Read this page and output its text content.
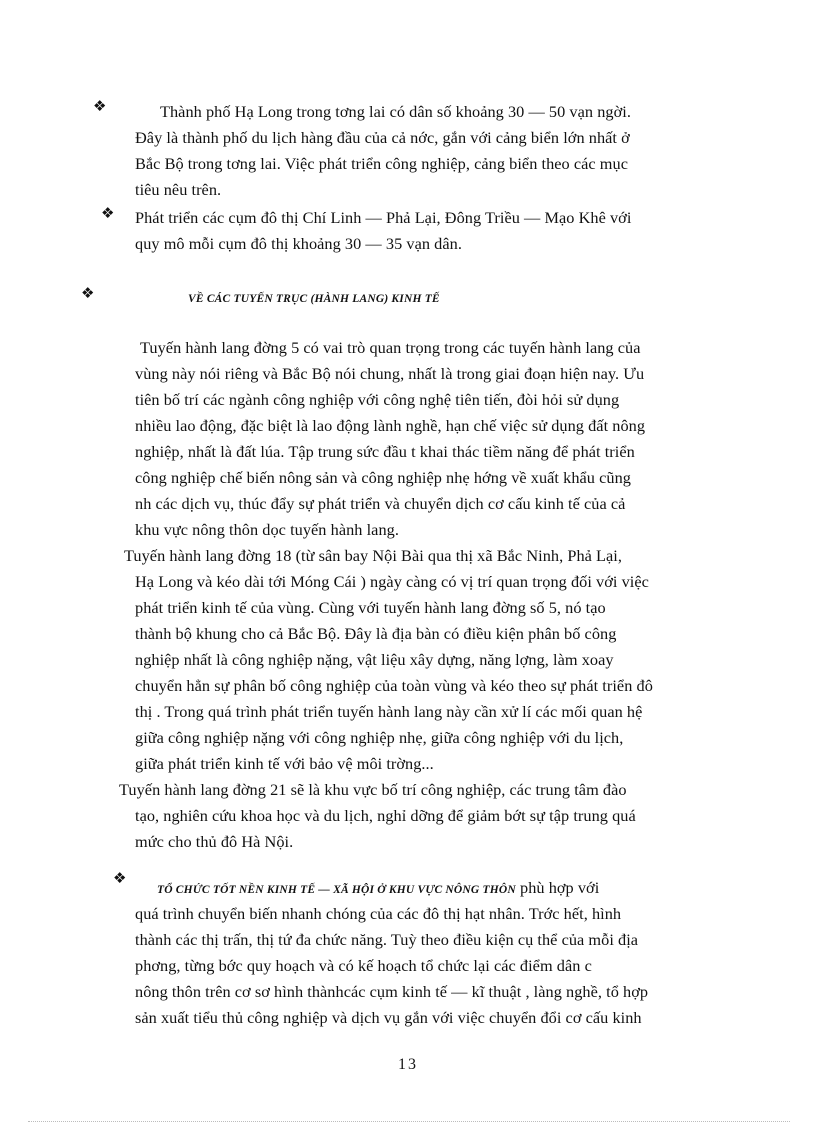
❖	Thành phố Hạ Long trong tơng lai có dân số khoảng 30 — 50 vạn ngời.
Đây là thành phố du lịch hàng đầu của cả nớc, gắn với cảng biển lớn nhất ở
Bắc Bộ trong tơng lai. Việc phát triển công nghiệp, cảng biển theo các mục
tiêu nêu trên.
❖ Phát triển các cụm đô thị Chí Linh — Phả Lại, Đông Triều — Mạo Khê với
quy mô mỗi cụm đô thị khoảng 30 — 35 vạn dân.
❖	VỀ CÁC TUYẾN TRỤC (HÀNH LANG) KINH TẾ
Tuyến hành lang đờng 5 có vai trò quan trọng trong các tuyến hành lang của
vùng này nói riêng và Bắc Bộ nói chung, nhất là trong giai đoạn hiện nay. Ưu
tiên bố trí các ngành công nghiệp với công nghệ tiên tiến, đòi hỏi sử dụng
nhiều lao động, đặc biệt là lao động lành nghề, hạn chế việc sử dụng đất nông
nghiệp, nhất là đất lúa. Tập trung sức đầu t khai thác tiềm năng để phát triển
công nghiệp chế biến nông sản và công nghiệp nhẹ hớng về xuất khẩu cũng
nh các dịch vụ, thúc đẩy sự phát triển và chuyển dịch cơ cấu kinh tế của cả
khu vực nông thôn dọc tuyến hành lang.
Tuyến hành lang đờng 18 (từ sân bay Nội Bài qua thị xã Bắc Ninh, Phả Lại,
Hạ Long và kéo dài tới Móng Cái ) ngày càng có vị trí quan trọng đối với việc
phát triển kinh tế của vùng. Cùng với tuyến hành lang đờng số 5, nó tạo
thành bộ khung cho cả Bắc Bộ. Đây là địa bàn có điều kiện phân bố công
nghiệp nhất là công nghiệp nặng, vật liệu xây dựng, năng lợng, làm xoay
chuyển hẳn sự phân bố công nghiệp của toàn vùng và kéo theo sự phát triển đô
thị . Trong quá trình phát triển tuyến hành lang này cần xử lí các mối quan hệ
giữa công nghiệp nặng với công nghiệp nhẹ, giữa công nghiệp với du lịch,
giữa phát triển kinh tế với bảo vệ môi trờng...
Tuyến hành lang đờng 21 sẽ là khu vực bố trí công nghiệp, các trung tâm đào
tạo, nghiên cứu khoa học và du lịch, nghỉ dỡng để giảm bớt sự tập trung quá
mức cho thủ đô Hà Nội.
❖
TỔ CHỨC TỐT NỀN KINH TẾ — XÃ HỘI Ở KHU VỰC NÔNG THÔN phù hợp với
quá trình chuyển biến nhanh chóng của các đô thị hạt nhân. Trớc hết, hình
thành các thị trấn, thị tứ đa chức năng. Tuỳ theo điều kiện cụ thể của mỗi địa
phơng, từng bớc quy hoạch và có kế hoạch tổ chức lại các điểm dân c
nông thôn trên cơ sơ hình thànhcác cụm kinh tế — kĩ thuật , làng nghề, tổ hợp
sản xuất tiểu thủ công nghiệp và dịch vụ gắn với việc chuyển đổi cơ cấu kinh
13
